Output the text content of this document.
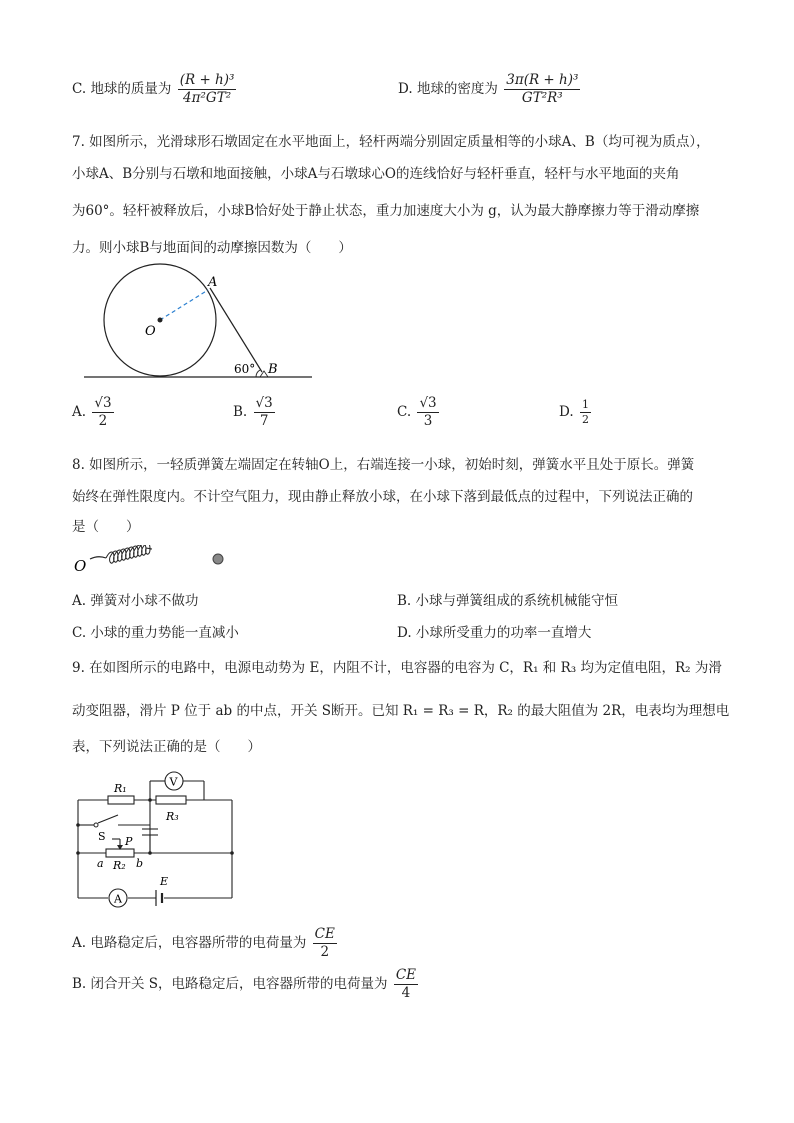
C. 地球的质量为 $\frac{\text{(R + h)³}}{\text{4π²GT²}}$	D. 地球的密度为 $\frac{\text{3π(R + h)³}}{\text{GT²R³}}$
7. 如图所示，光滑球形石墩固定在水平地面上，轻杆两端分别固定质量相等的小球A、B（均可视为质点），
小球A、B分别与石墩和地面接触，小球A与石墩球心O的连线恰好与轻杆垂直，轻杆与水平地面的夹角
为60°。轻杆被释放后，小球B恰好处于静止状态，重力加速度大小为 g，认为最大静摩擦力等于滑动摩擦
力。则小球B与地面间的动摩擦因数为（　　）
A
O
B
60°
A. $\frac{√3}{2}$	B. $\frac{√3}{7}$	C. $\frac{√3}{3}$	D. $\frac{1}{2}$
8. 如图所示，一轻质弹簧左端固定在转轴O上，右端连接一小球，初始时刻，弹簧水平且处于原长。弹簧
始终在弹性限度内。不计空气阻力，现由静止释放小球，在小球下落到最低点的过程中，下列说法正确的
是（　　）
O
A. 弹簧对小球不做功	B. 小球与弹簧组成的系统机械能守恒
C. 小球的重力势能一直减小	D. 小球所受重力的功率一直增大
9. 在如图所示的电路中，电源电动势为 E，内阻不计，电容器的电容为 C，R₁ 和 R₃ 均为定值电阻，R₂ 为滑
动变阻器，滑片 P 位于 ab 的中点，开关 S断开。已知 R₁ = R₃ = R，R₂ 的最大阻值为 2R，电表均为理想电
表，下列说法正确的是（　　）
V
A
R₁
R₃
S P
a R₂ b
E
A. 电路稳定后，电容器所带的电荷量为 $\frac{CE}{2}$
B. 闭合开关 S，电路稳定后，电容器所带的电荷量为 $\frac{CE}{4}$
